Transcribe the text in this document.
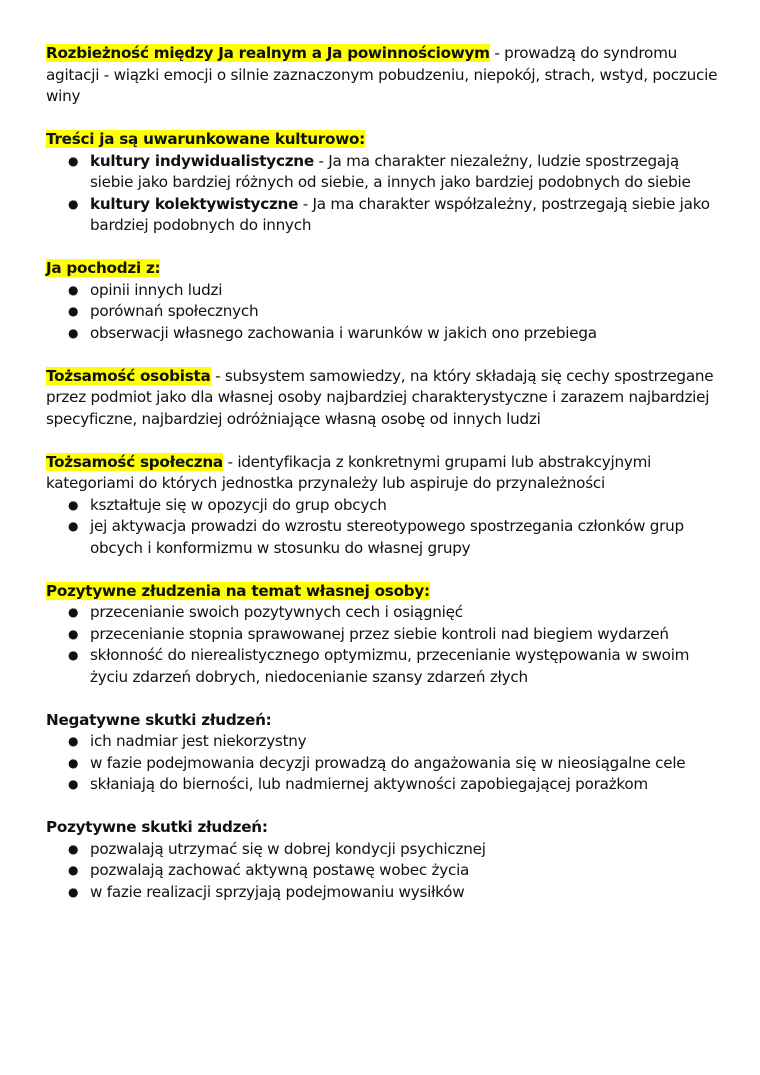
Rozbieżność między Ja realnym a Ja powinnościowym - prowadzą do syndromu agitacji - wiązki emocji o silnie zaznaczonym pobudzeniu, niepokój, strach, wstyd, poczucie winy

Treści ja są uwarunkowane kulturowo:

● kultury indywidualistyczne - Ja ma charakter niezależny, ludzie spostrzegają siebie jako bardziej różnych od siebie, a innych jako bardziej podobnych do siebie
● kultury kolektywistyczne - Ja ma charakter współzależny, postrzegają siebie jako bardziej podobnych do innych

Ja pochodzi z:

● opinii innych ludzi
● porównań społecznych
● obserwacji własnego zachowania i warunków w jakich ono przebiega

Tożsamość osobista - subsystem samowiedzy, na który składają się cechy spostrzegane przez podmiot jako dla własnej osoby najbardziej charakterystyczne i zarazem najbardziej specyficzne, najbardziej odróżniające własną osobę od innych ludzi

Tożsamość społeczna - identyfikacja z konkretnymi grupami lub abstrakcyjnymi kategoriami do których jednostka przynależy lub aspiruje do przynależności

● kształtuje się w opozycji do grup obcych
● jej aktywacja prowadzi do wzrostu stereotypowego spostrzegania członków grup obcych i konformizmu w stosunku do własnej grupy

Pozytywne złudzenia na temat własnej osoby:

● przecenianie swoich pozytywnych cech i osiągnięć
● przecenianie stopnia sprawowanej przez siebie kontroli nad biegiem wydarzeń
● skłonność do nierealistycznego optymizmu, przecenianie występowania w swoim życiu zdarzeń dobrych, niedocenianie szansy zdarzeń złych

Negatywne skutki złudzeń:

● ich nadmiar jest niekorzystny
● w fazie podejmowania decyzji prowadzą do angażowania się w nieosiągalne cele
● skłaniają do bierności, lub nadmiernej aktywności zapobiegającej porażkom

Pozytywne skutki złudzeń:

● pozwalają utrzymać się w dobrej kondycji psychicznej
● pozwalają zachować aktywną postawę wobec życia
● w fazie realizacji sprzyjają podejmowaniu wysiłków
